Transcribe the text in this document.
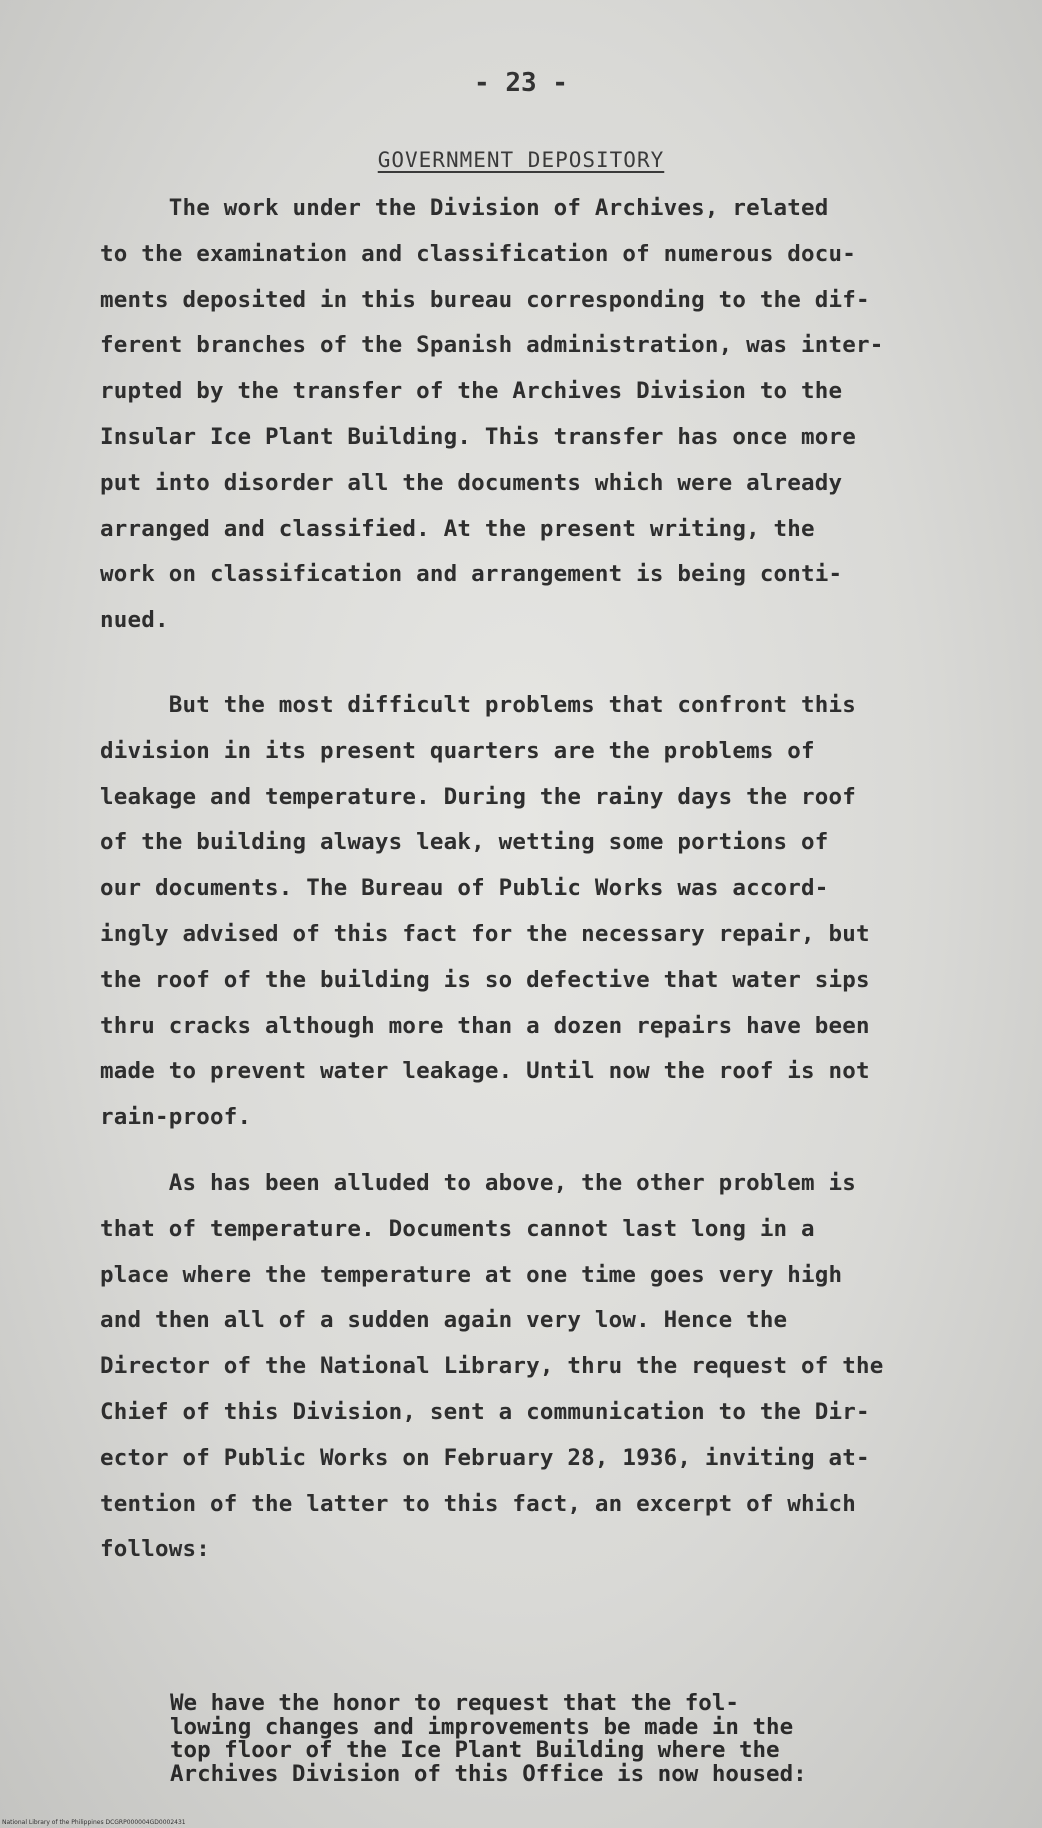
- 23 -
GOVERNMENT DEPOSITORY
The work under the Division of Archives, related
to the examination and classification of numerous docu-
ments deposited in this bureau corresponding to the dif-
ferent branches of the Spanish administration, was inter-
rupted by the transfer of the Archives Division to the
Insular Ice Plant Building. This transfer has once more
put into disorder all the documents which were already
arranged and classified. At the present writing, the
work on classification and arrangement is being conti-
nued.
But the most difficult problems that confront this
division in its present quarters are the problems of
leakage and temperature. During the rainy days the roof
of the building always leak, wetting some portions of
our documents. The Bureau of Public Works was accord-
ingly advised of this fact for the necessary repair, but
the roof of the building is so defective that water sips
thru cracks although more than a dozen repairs have been
made to prevent water leakage. Until now the roof is not
rain-proof.
As has been alluded to above, the other problem is
that of temperature. Documents cannot last long in a
place where the temperature at one time goes very high
and then all of a sudden again very low. Hence the
Director of the National Library, thru the request of the
Chief of this Division, sent a communication to the Dir-
ector of Public Works on February 28, 1936, inviting at-
tention of the latter to this fact, an excerpt of which
follows:
We have the honor to request that the fol-
lowing changes and improvements be made in the
top floor of the Ice Plant Building where the
Archives Division of this Office is now housed:
National Library of the Philippines DCGRP000004GD0002431
